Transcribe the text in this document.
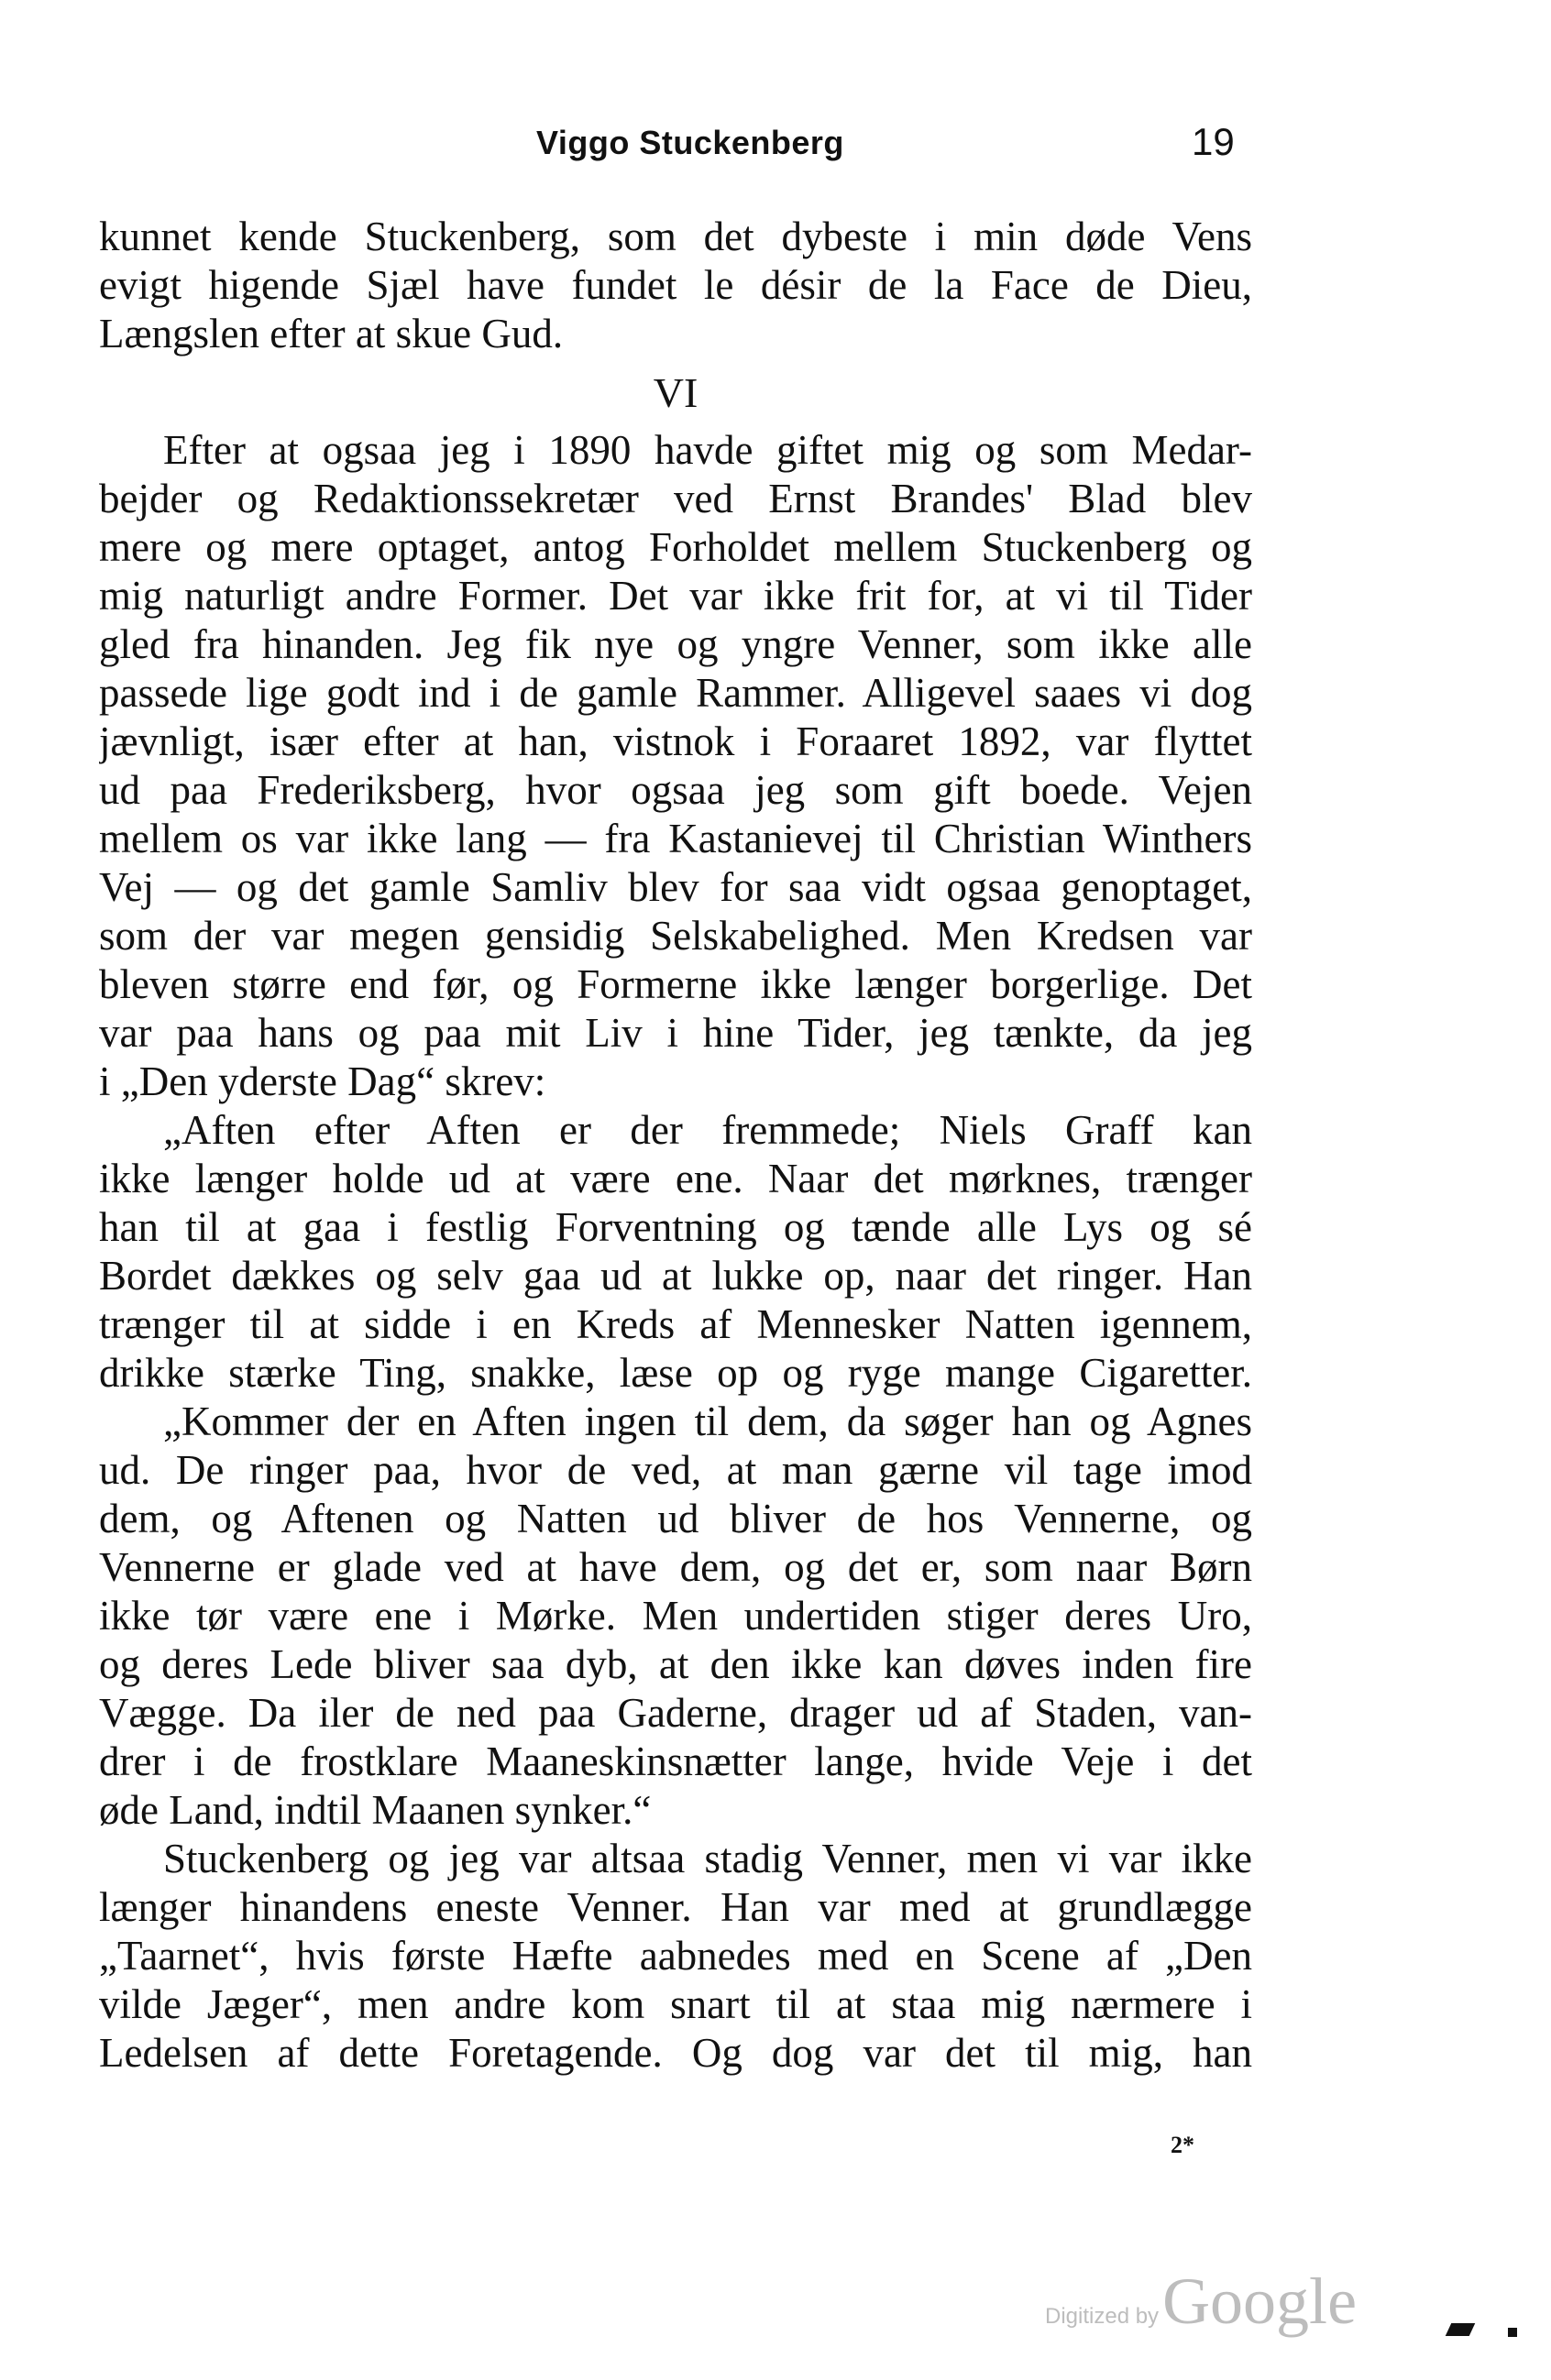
Viggo Stuckenberg	19
kunnet kende Stuckenberg, som det dybeste i min døde Vens
evigt higende Sjæl have fundet le désir de la Face de Dieu,
Længslen efter at skue Gud.
VI
Efter at ogsaa jeg i 1890 havde giftet mig og som Medar-
bejder og Redaktionssekretær ved Ernst Brandes' Blad blev
mere og mere optaget, antog Forholdet mellem Stuckenberg og
mig naturligt andre Former. Det var ikke frit for, at vi til Tider
gled fra hinanden. Jeg fik nye og yngre Venner, som ikke alle
passede lige godt ind i de gamle Rammer. Alligevel saaes vi dog
jævnligt, især efter at han, vistnok i Foraaret 1892, var flyttet
ud paa Frederiksberg, hvor ogsaa jeg som gift boede. Vejen
mellem os var ikke lang — fra Kastanievej til Christian Winthers
Vej — og det gamle Samliv blev for saa vidt ogsaa genoptaget,
som der var megen gensidig Selskabelighed. Men Kredsen var
bleven større end før, og Formerne ikke længer borgerlige. Det
var paa hans og paa mit Liv i hine Tider, jeg tænkte, da jeg
i „Den yderste Dag“ skrev:
„Aften efter Aften er der fremmede; Niels Graff kan
ikke længer holde ud at være ene. Naar det mørknes, trænger
han til at gaa i festlig Forventning og tænde alle Lys og sé
Bordet dækkes og selv gaa ud at lukke op, naar det ringer. Han
trænger til at sidde i en Kreds af Mennesker Natten igennem,
drikke stærke Ting, snakke, læse op og ryge mange Cigaretter.
„Kommer der en Aften ingen til dem, da søger han og Agnes
ud. De ringer paa, hvor de ved, at man gærne vil tage imod
dem, og Aftenen og Natten ud bliver de hos Vennerne, og
Vennerne er glade ved at have dem, og det er, som naar Børn
ikke tør være ene i Mørke. Men undertiden stiger deres Uro,
og deres Lede bliver saa dyb, at den ikke kan døves inden fire
Vægge. Da iler de ned paa Gaderne, drager ud af Staden, van-
drer i de frostklare Maaneskinsnætter lange, hvide Veje i det
øde Land, indtil Maanen synker.“
Stuckenberg og jeg var altsaa stadig Venner, men vi var ikke
længer hinandens eneste Venner. Han var med at grundlægge
„Taarnet“, hvis første Hæfte aabnedes med en Scene af „Den
vilde Jæger“, men andre kom snart til at staa mig nærmere i
Ledelsen af dette Foretagende. Og dog var det til mig, han
2*
Digitized by Google
